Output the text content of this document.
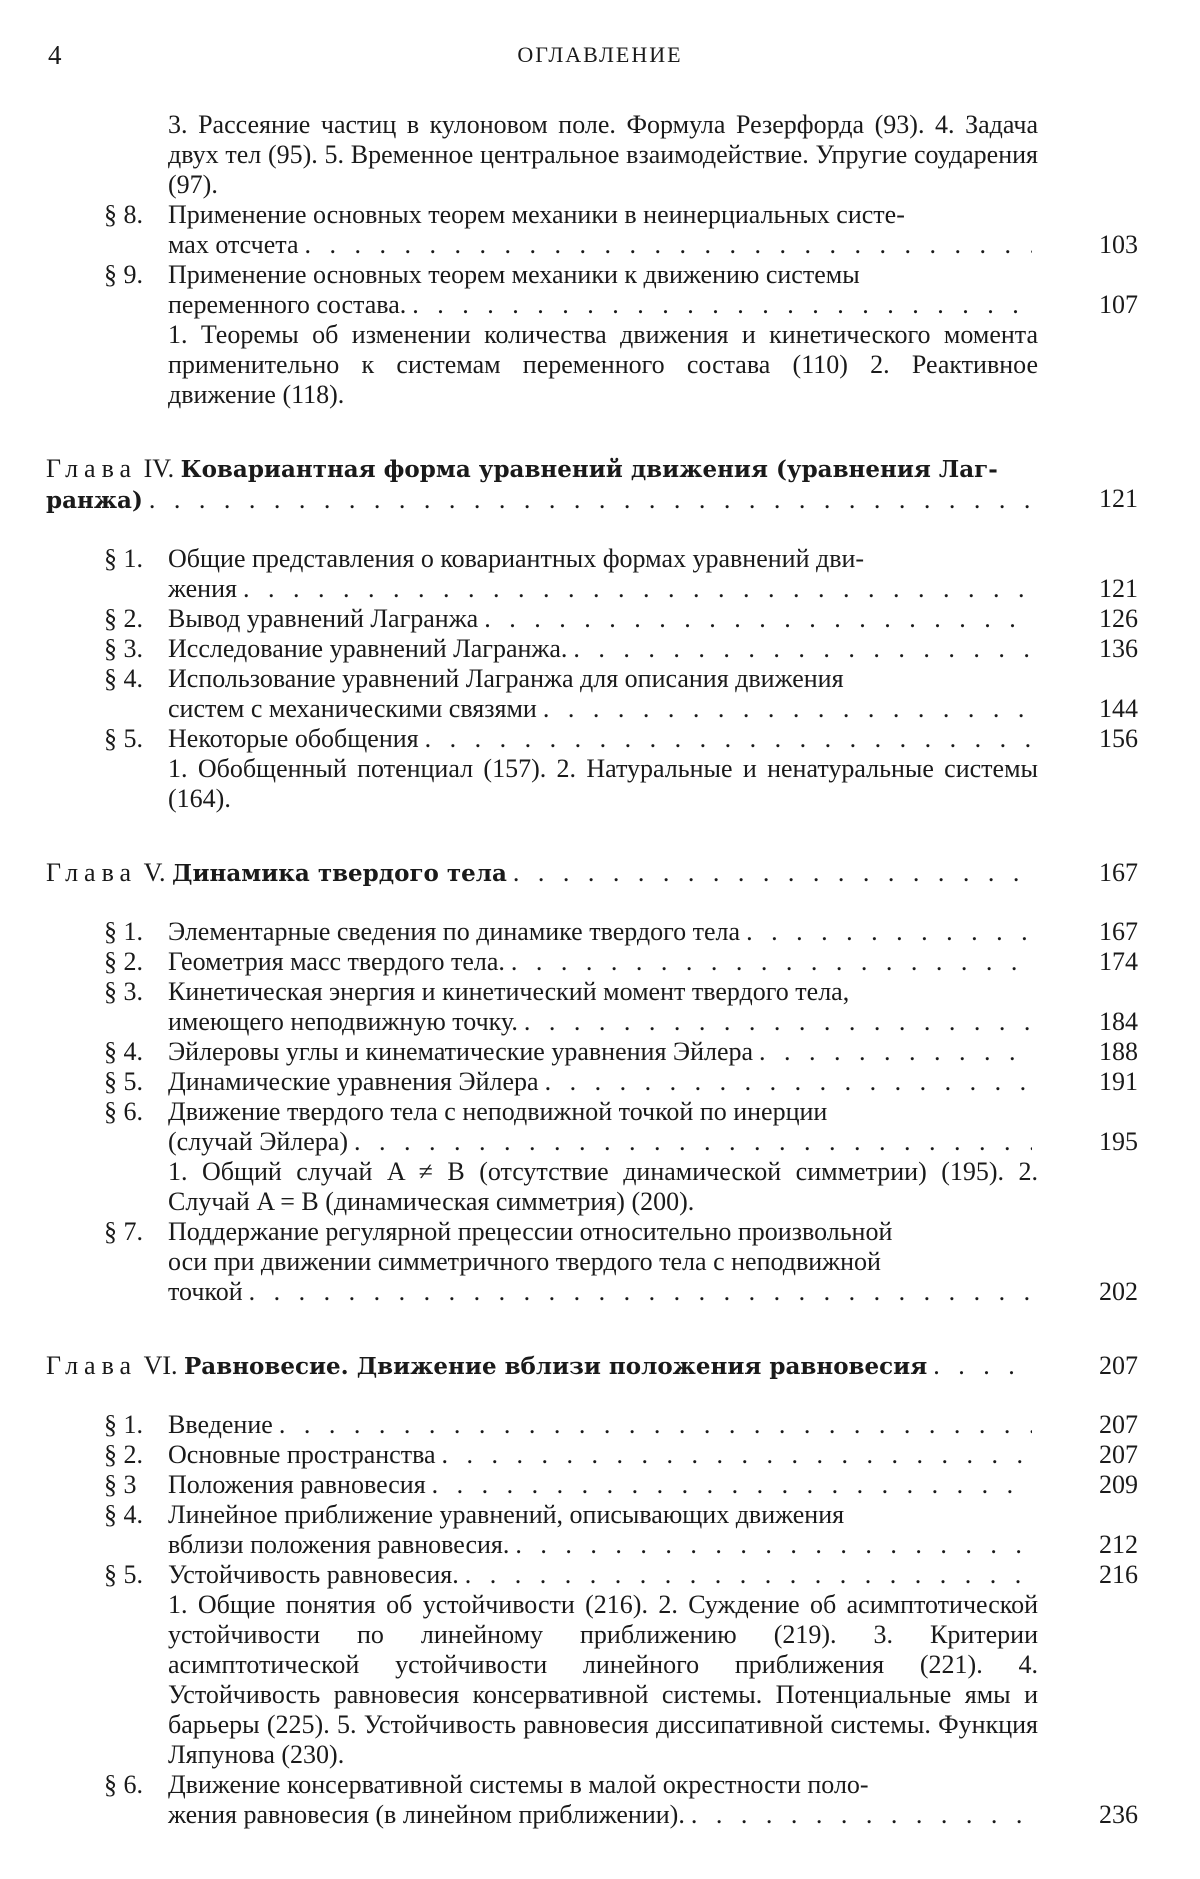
4	ОГЛАВЛЕНИЕ
3. Рассеяние частиц в кулоновом поле. Формула Резерфорда (93). 4. Задача двух тел (95). 5. Временное центральное взаимодействие. Упругие соударения (97).
§ 8. Применение основных теорем механики в неинерциальных систе-
мах отсчета . . .	103
§ 9. Применение основных теорем механики к движению системы
переменного состава. . . .	107
1. Теоремы об изменении количества движения и кинетического момента применительно к системам переменного состава (110) 2. Реактивное движение (118).
Глава IV. Ковариантная форма уравнений движения (уравнения Лаг-
ранжа) . . .	121
§ 1. Общие представления о ковариантных формах уравнений дви-
жения . . .	121
§ 2. Вывод уравнений Лагранжа . . .	126
§ 3. Исследование уравнений Лагранжа. . . .	136
§ 4. Использование уравнений Лагранжа для описания движения
систем с механическими связями . . .	144
§ 5. Некоторые обобщения . . .	156
1. Обобщенный потенциал (157). 2. Натуральные и ненатуральные системы (164).
Глава V. Динамика твердого тела . . .	167
§ 1. Элементарные сведения по динамике твердого тела . . .	167
§ 2. Геометрия масс твердого тела. . . .	174
§ 3. Кинетическая энергия и кинетический момент твердого тела,
имеющего неподвижную точку. . . .	184
§ 4. Эйлеровы углы и кинематические уравнения Эйлера . . .	188
§ 5. Динамические уравнения Эйлера . . .	191
§ 6. Движение твердого тела с неподвижной точкой по инерции
(случай Эйлера) . . .	195
1. Общий случай A ≠ B (отсутствие динамической симметрии) (195). 2. Случай A = B (динамическая симметрия) (200).
§ 7. Поддержание регулярной прецессии относительно произвольной
оси при движении симметричного твердого тела с неподвижной
точкой . . .	202
Глава VI. Равновесие. Движение вблизи положения равновесия . . .	207
§ 1. Введение . . .	207
§ 2. Основные пространства . . .	207
§ 3 Положения равновесия . . .	209
§ 4. Линейное приближение уравнений, описывающих движения
вблизи положения равновесия. . . .	212
§ 5. Устойчивость равновесия. . . .	216
1. Общие понятия об устойчивости (216). 2. Суждение об асимптотической устойчивости по линейному приближению (219). 3. Критерии асимптотической устойчивости линейного приближения (221). 4. Устойчивость равновесия консервативной системы. Потенциальные ямы и барьеры (225). 5. Устойчивость равновесия диссипативной системы. Функция Ляпунова (230).
§ 6. Движение консервативной системы в малой окрестности поло-
жения равновесия (в линейном приближении). . . .	236
